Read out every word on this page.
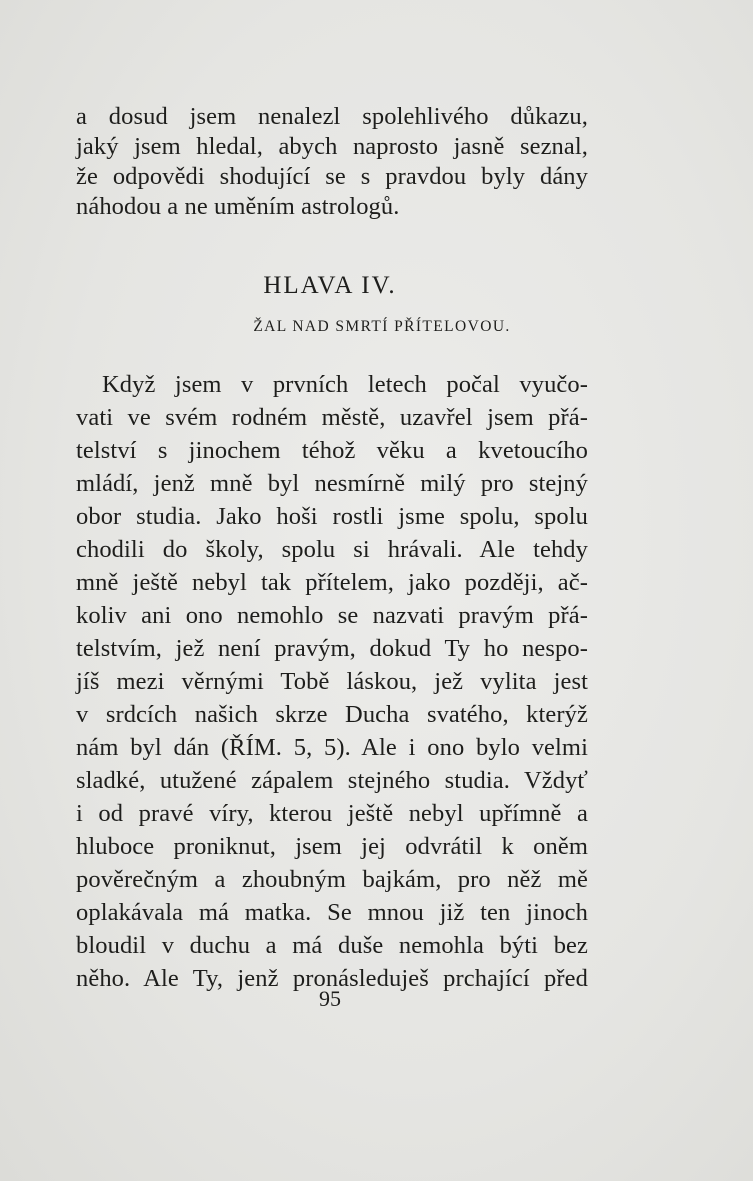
a dosud jsem nenalezl spolehlivého důkazu,
jaký jsem hledal, abych naprosto jasně seznal,
že odpovědi shodující se s pravdou byly dány
náhodou a ne uměním astrologů.
HLAVA IV.
ŽAL NAD SMRTÍ PŘÍTELOVOU.
Když jsem v prvních letech počal vyučo-
vati ve svém rodném městě, uzavřel jsem přá-
telství s jinochem téhož věku a kvetoucího
mládí, jenž mně byl nesmírně milý pro stejný
obor studia. Jako hoši rostli jsme spolu, spolu
chodili do školy, spolu si hrávali. Ale tehdy
mně ještě nebyl tak přítelem, jako později, ač-
koliv ani ono nemohlo se nazvati pravým přá-
telstvím, jež není pravým, dokud Ty ho nespo-
jíš mezi věrnými Tobě láskou, jež vylita jest
v srdcích našich skrze Ducha svatého, kterýž
nám byl dán (ŘÍM. 5, 5). Ale i ono bylo velmi
sladké, utužené zápalem stejného studia. Vždyť
i od pravé víry, kterou ještě nebyl upřímně a
hluboce proniknut, jsem jej odvrátil k oněm
pověrečným a zhoubným bajkám, pro něž mě
oplakávala má matka. Se mnou již ten jinoch
bloudil v duchu a má duše nemohla býti bez
něho. Ale Ty, jenž pronásleduješ prchající před
95
